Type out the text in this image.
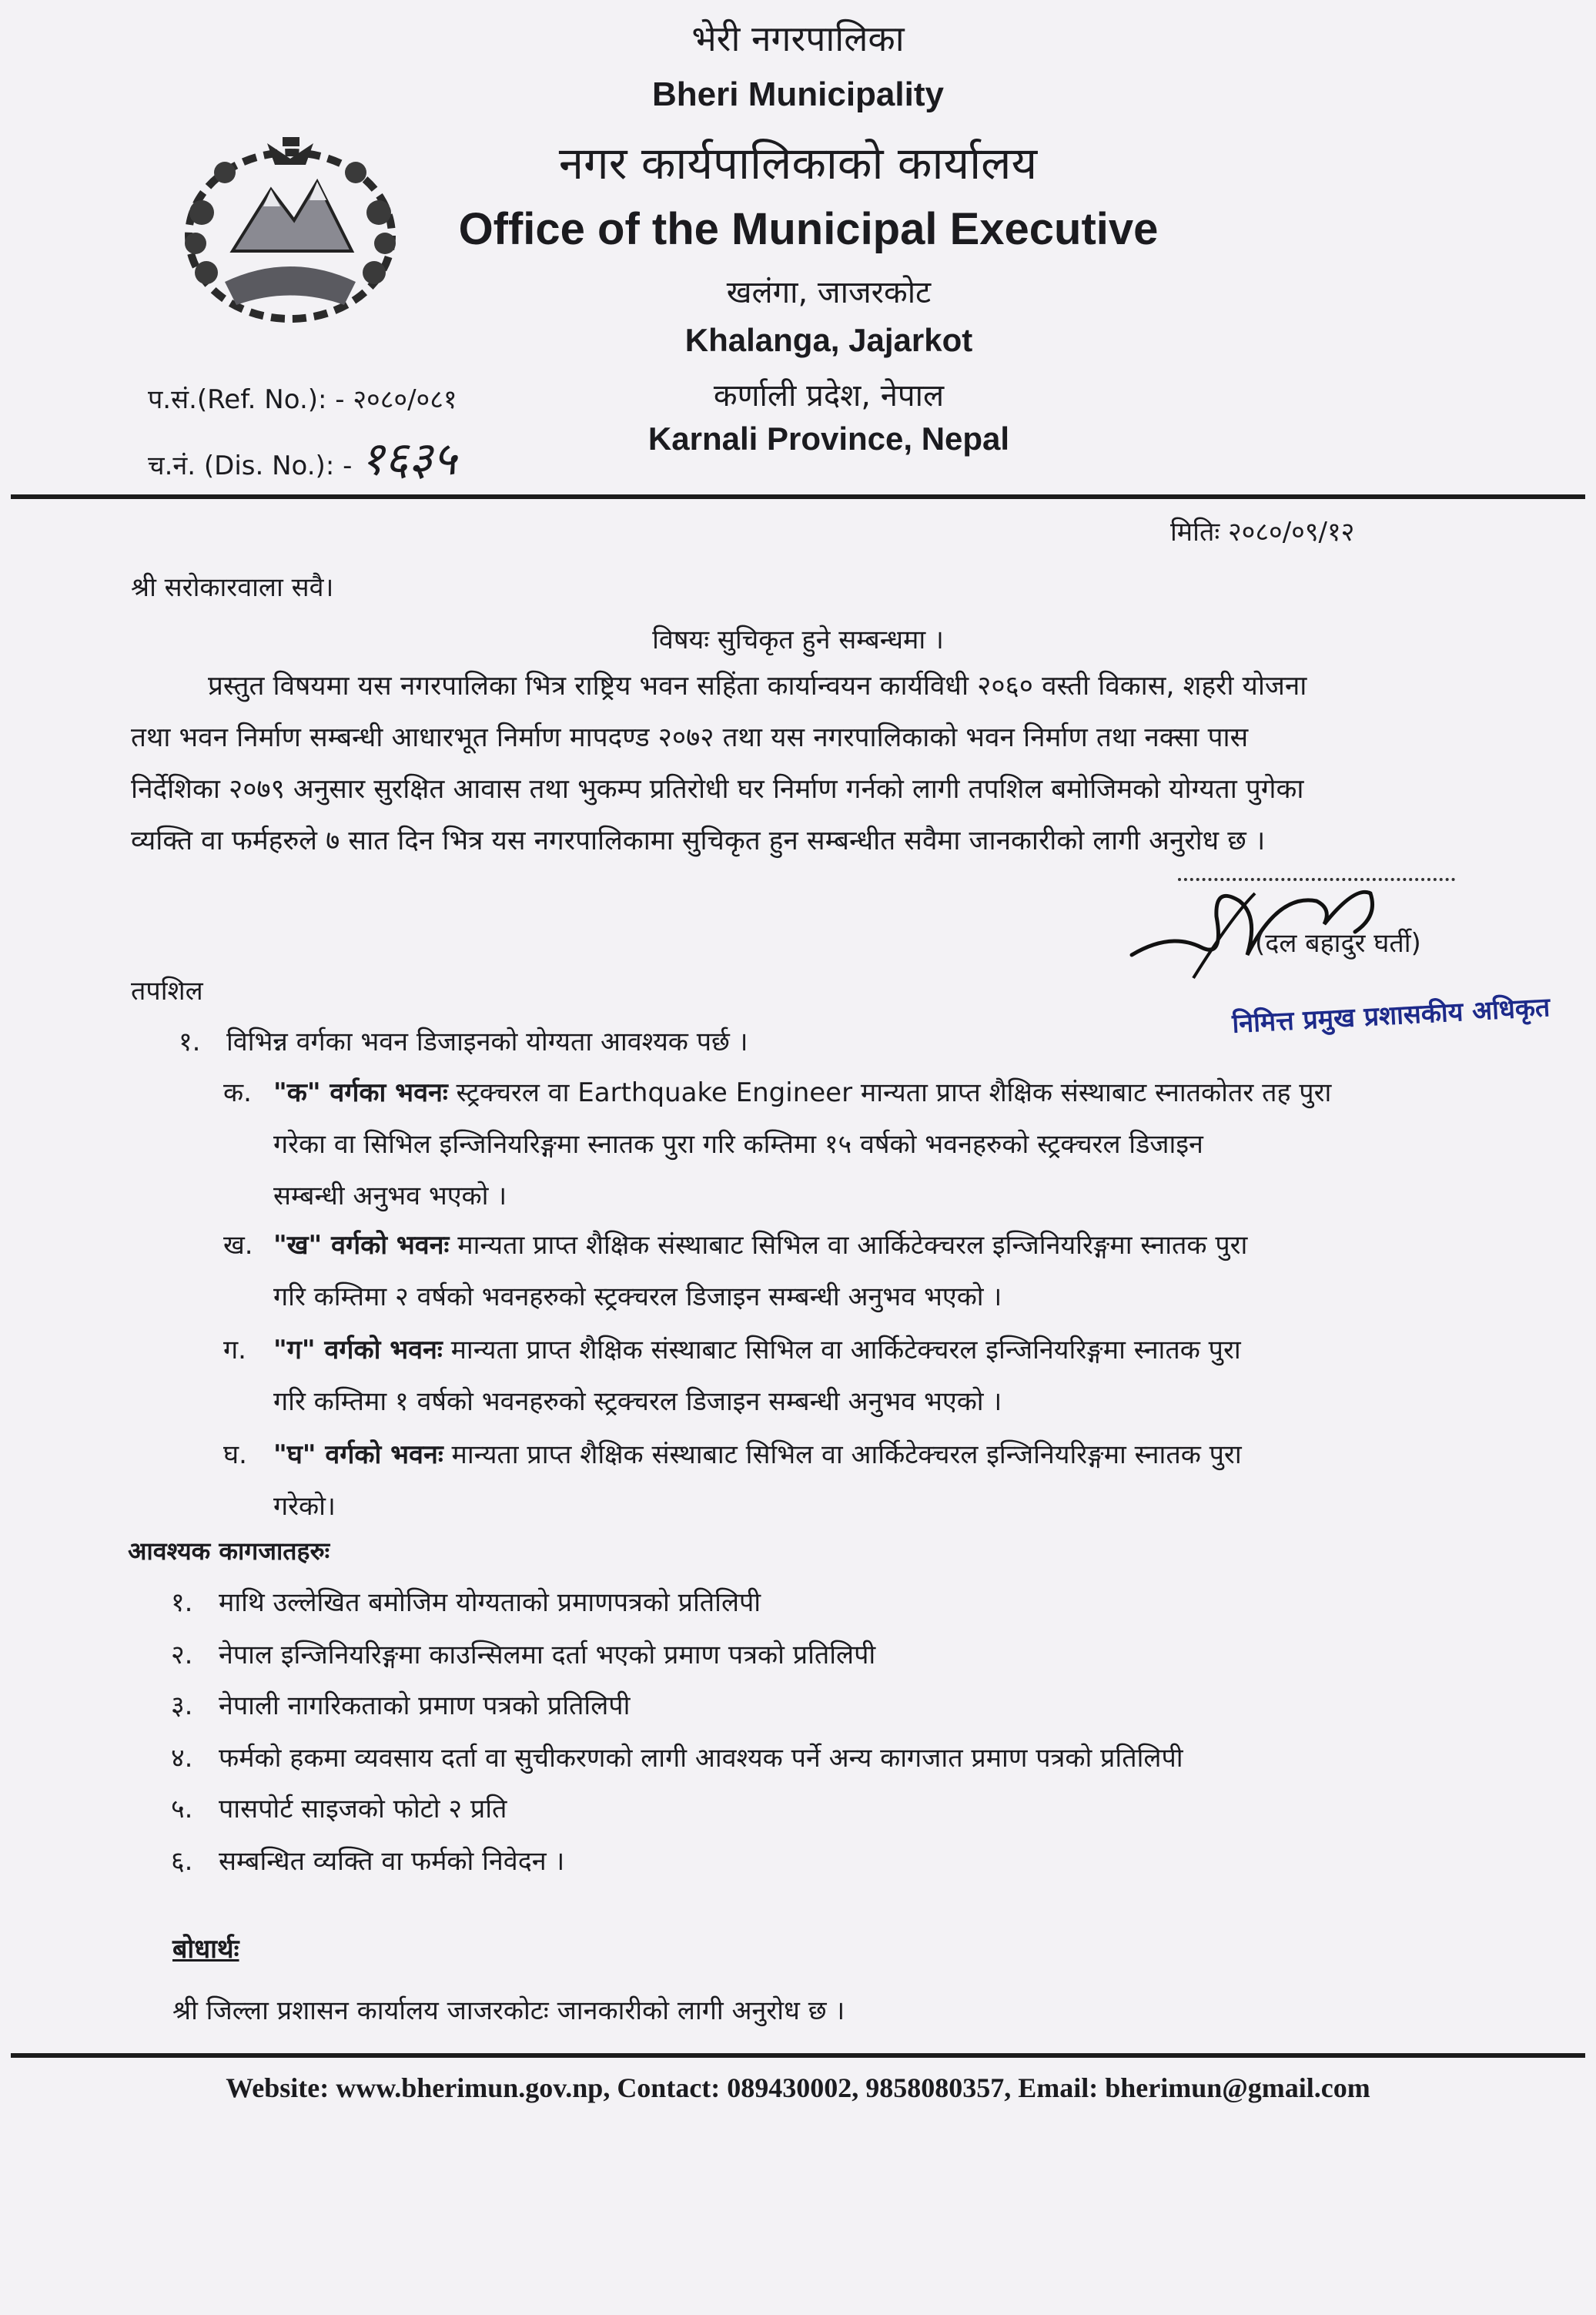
भेरी नगरपालिका
Bheri Municipality
नगर कार्यपालिकाको कार्यालय
Office of the Municipal Executive
खलंगा, जाजरकोट
Khalanga, Jajarkot
कर्णाली प्रदेश, नेपाल
Karnali Province, Nepal
प.सं.(Ref. No.): - २०८०/०८१
च.नं. (Dis. No.): - १६३५
मितिः २०८०/०९/१२
श्री सरोकारवाला सवै।
विषयः सुचिकृत हुने सम्बन्धमा ।
प्रस्तुत विषयमा यस नगरपालिका भित्र राष्ट्रिय भवन सहिंता कार्यान्वयन कार्यविधी २०६० वस्ती विकास, शहरी योजना
तथा भवन निर्माण सम्बन्धी आधारभूत निर्माण मापदण्ड २०७२ तथा यस नगरपालिकाको भवन निर्माण तथा नक्सा पास
निर्देशिका २०७९ अनुसार सुरक्षित आवास तथा भुकम्प प्रतिरोधी घर निर्माण गर्नको लागी तपशिल बमोजिमको योग्यता पुगेका
व्यक्ति वा फर्महरुले ७ सात दिन भित्र यस नगरपालिकामा सुचिकृत हुन सम्बन्धीत सवैमा जानकारीको लागी अनुरोध छ ।
(दल बहादुर घर्ती)
निमित्त प्रमुख प्रशासकीय अधिकृत
तपशिल
१. विभिन्न वर्गका भवन डिजाइनको योग्यता आवश्यक पर्छ ।
क. "क" वर्गका भवनः स्ट्रक्चरल वा Earthquake Engineer मान्यता प्राप्त शैक्षिक संस्थाबाट स्नातकोतर तह पुरा
गरेका वा सिभिल इन्जिनियरिङ्गमा स्नातक पुरा गरि कम्तिमा १५ वर्षको भवनहरुको स्ट्रक्चरल डिजाइन
सम्बन्धी अनुभव भएको ।
ख. "ख" वर्गको भवनः मान्यता प्राप्त शैक्षिक संस्थाबाट सिभिल वा आर्किटेक्चरल इन्जिनियरिङ्गमा स्नातक पुरा
गरि कम्तिमा २ वर्षको भवनहरुको स्ट्रक्चरल डिजाइन सम्बन्धी अनुभव भएको ।
ग.	"ग" वर्गको भवनः मान्यता प्राप्त शैक्षिक संस्थाबाट सिभिल वा आर्किटेक्चरल इन्जिनियरिङ्गमा स्नातक पुरा
गरि कम्तिमा १ वर्षको भवनहरुको स्ट्रक्चरल डिजाइन सम्बन्धी अनुभव भएको ।
घ.	"घ" वर्गको भवनः मान्यता प्राप्त शैक्षिक संस्थाबाट सिभिल वा आर्किटेक्चरल इन्जिनियरिङ्गमा स्नातक पुरा
गरेको।
आवश्यक कागजातहरुः
१. माथि उल्लेखित बमोजिम योग्यताको प्रमाणपत्रको प्रतिलिपी
२. नेपाल इन्जिनियरिङ्गमा काउन्सिलमा दर्ता भएको प्रमाण पत्रको प्रतिलिपी
३. नेपाली नागरिकताको प्रमाण पत्रको प्रतिलिपी
४. फर्मको हकमा व्यवसाय दर्ता वा सुचीकरणको लागी आवश्यक पर्ने अन्य कागजात प्रमाण पत्रको प्रतिलिपी
५. पासपोर्ट साइजको फोटो २ प्रति
६. सम्बन्धित व्यक्ति वा फर्मको निवेदन ।
बोधार्थः
श्री जिल्ला प्रशासन कार्यालय जाजरकोटः जानकारीको लागी अनुरोध छ ।
Website: www.bherimun.gov.np, Contact: 089430002, 9858080357, Email: bherimun@gmail.com
